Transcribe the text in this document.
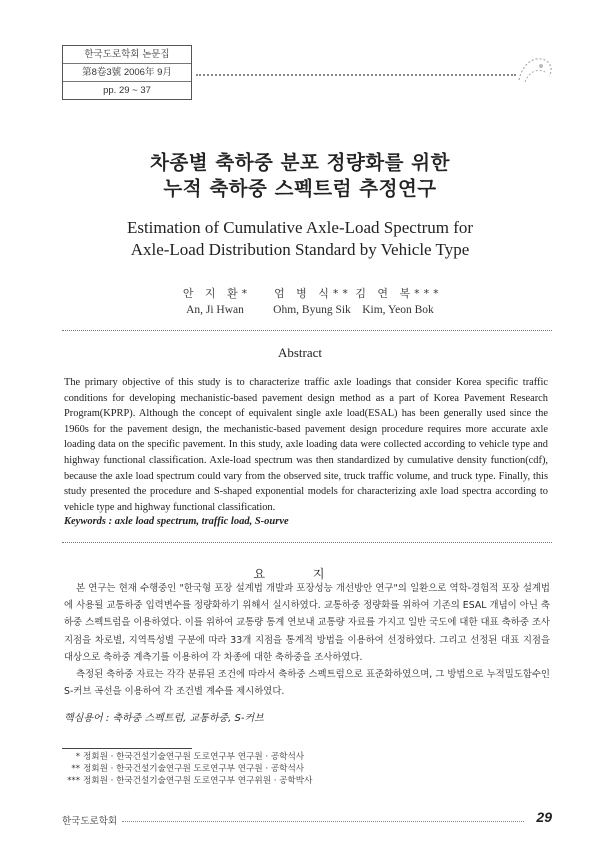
한국도로학회 논문집
第8卷3號 2006年 9月
pp. 29 ~ 37
차종별 축하중 분포 정량화를 위한
누적 축하중 스펙트럼 추정연구
Estimation of Cumulative Axle-Load Spectrum for
Axle-Load Distribution Standard by Vehicle Type
안 지 환*	엄 병 식** 김 연 복***
An, Ji Hwan	Ohm, Byung Sik Kim, Yeon Bok
Abstract
The primary objective of this study is to characterize traffic axle loadings that consider Korea specific traffic conditions for developing mechanistic-based pavement design method as a part of Korea Pavement Research Program(KPRP). Although the concept of equivalent single axle load(ESAL) has been generally used since the 1960s for the pavement design, the mechanistic-based pavement design procedure requires more accurate axle loading data on the specific pavement. In this study, axle loading data were collected according to vehicle type and highway functional classification. Axle-load spectrum was then standardized by cumulative density function(cdf), because the axle load spectrum could vary from the observed site, truck traffic volume, and truck type. Finally, this study presented the procedure and S-shaped exponential models for characterizing axle load spectra according to vehicle type and highway functional classification.
Keywords : axle load spectrum, traffic load, S-ourve
요 지

본 연구는 현재 수행중인 "한국형 포장 설계법 개발과 포장성능 개선방안 연구"의 일환으로 역학-경험적 포장 설계법에 사용될 교통하중 입력변수를 정량화하기 위해서 실시하였다. 교통하중 정량화를 위하여 기존의 ESAL 개념이 아닌 축하중 스펙트럼을 이용하였다. 이를 위하여 교통량 통계 연보내 교통량 자료를 가지고 일반 국도에 대한 대표 축하중 조사지점을 차로별, 지역특성별 구분에 따라 33개 지점을 통계적 방법을 이용하여 선정하였다. 그리고 선정된 대표 지점을 대상으로 축하중 계측기를 이용하여 각 차종에 대한 축하중을 조사하였다.

측정된 축하중 자료는 각각 분류된 조건에 따라서 축하중 스펙트럼으로 표준화하였으며, 그 방법으로 누적밀도함수인 S-커브 곡선을 이용하여 각 조건별 계수를 제시하였다.

핵심용어 : 축하중 스펙트럼, 교통하중, S-커브
* 정회원 · 한국건설기술연구원 도로연구부 연구원 · 공학석사
** 정회원 · 한국건설기술연구원 도로연구부 연구원 · 공학석사
*** 정회원 · 한국건설기술연구원 도로연구부 연구위원 · 공학박사
한국도로학회	29
